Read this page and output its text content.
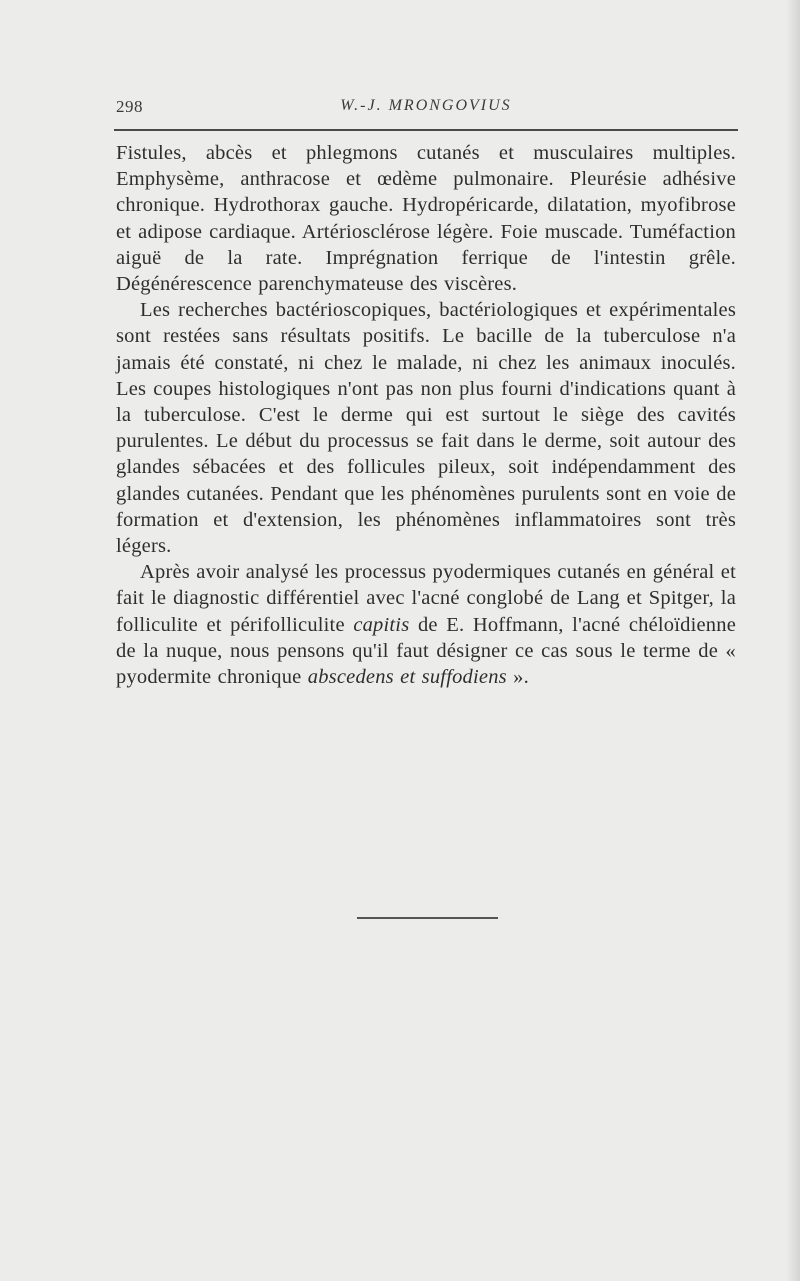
298	W.-J. MRONGOVIUS

Fistules, abcès et phlegmons cutanés et musculaires multiples. Emphysème, anthracose et œdème pulmonaire. Pleurésie adhésive chronique. Hydrothorax gauche. Hydropéricarde, dilatation, myofibrose et adipose cardiaque. Artériosclérose légère. Foie muscade. Tuméfaction aiguë de la rate. Imprégnation ferrique de l'intestin grêle. Dégénérescence parenchymateuse des viscères.

Les recherches bactérioscopiques, bactériologiques et expérimentales sont restées sans résultats positifs. Le bacille de la tuberculose n'a jamais été constaté, ni chez le malade, ni chez les animaux inoculés. Les coupes histologiques n'ont pas non plus fourni d'indications quant à la tuberculose. C'est le derme qui est surtout le siège des cavités purulentes. Le début du processus se fait dans le derme, soit autour des glandes sébacées et des follicules pileux, soit indépendamment des glandes cutanées. Pendant que les phénomènes purulents sont en voie de formation et d'extension, les phénomènes inflammatoires sont très légers.

Après avoir analysé les processus pyodermiques cutanés en général et fait le diagnostic différentiel avec l'acné conglobé de Lang et Spitger, la folliculite et périfolliculite capitis de E. Hoffmann, l'acné chéloïdienne de la nuque, nous pensons qu'il faut désigner ce cas sous le terme de « pyodermite chronique abscedens et suffodiens ».
